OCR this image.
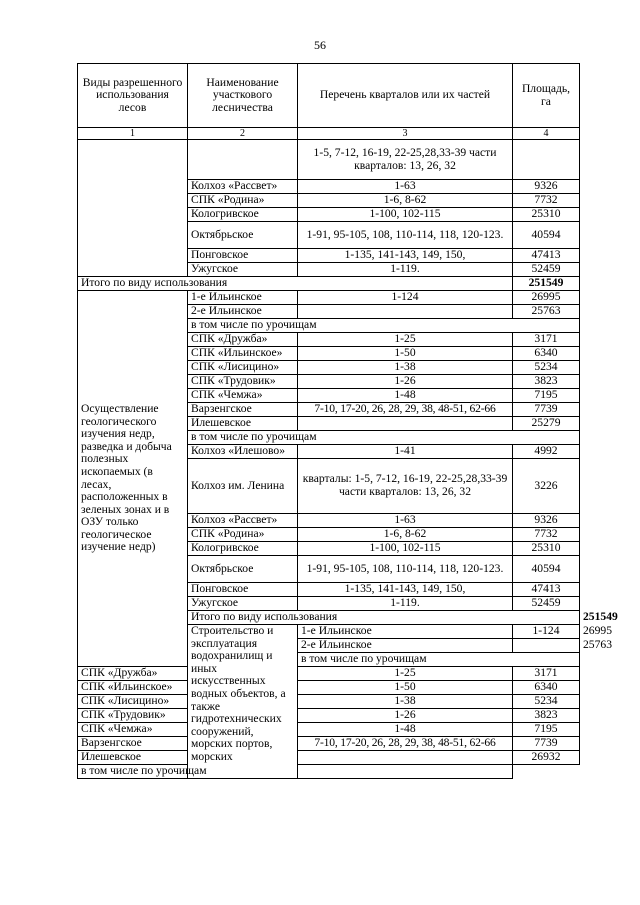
56
Виды разрешенного использования лесов	Наименование участкового лесничества	Перечень кварталов или их частей	Площадь, га	
1	2	3	4	
		1-5, 7-12, 16-19, 22-25,28,33-39 части кварталов: 13, 26, 32		
	Колхоз «Рассвет»	1-63	9326	
	СПК «Родина»	1-6, 8-62	7732	
	Кологривское	1-100, 102-115	25310	
	Октябрьское	1-91, 95-105, 108, 110-114, 118, 120-123.	40594	
	Понговское	1-135, 141-143, 149, 150,	47413	
	Ужугское	1-119.	52459	
Итого по виду использования			251549	
Осуществление геологического изучения недр, разведка и добыча полезных ископаемых (в лесах, расположенных в зеленых зонах и в ОЗУ только геологическое изучение недр)	1-е Ильинское	1-124	26995	
	2-е Ильинское		25763	
	в том числе по урочищам			
	СПК «Дружба»	1-25	3171	
	СПК «Ильинское»	1-50	6340	
	СПК «Лисицино»	1-38	5234	
	СПК «Трудовик»	1-26	3823	
	СПК «Чемжа»	1-48	7195	
	Варзенгское	7-10, 17-20, 26, 28, 29, 38, 48-51, 62-66	7739	
	Илешевское		25279	
	в том числе по урочищам			
	Колхоз «Илешово»	1-41	4992	
	Колхоз им. Ленина	кварталы: 1-5, 7-12, 16-19, 22-25,28,33-39 части кварталов: 13, 26, 32	3226	
	Колхоз «Рассвет»	1-63	9326	
	СПК «Родина»	1-6, 8-62	7732	
	Кологривское	1-100, 102-115	25310	
	Октябрьское	1-91, 95-105, 108, 110-114, 118, 120-123.	40594	
	Понговское	1-135, 141-143, 149, 150,	47413	
	Ужугское	1-119.	52459	
	Итого по виду использования			251549
	Строительство и эксплуатация водохранилищ и иных искусственных водных объектов, а также гидротехнических сооружений, морских портов, морских	1-е Ильинское	1-124	26995
		2-е Ильинское		25763
		в том числе по урочищам		
СПК «Дружба»		1-25	3171	
СПК «Ильинское»		1-50	6340	
СПК «Лисицино»		1-38	5234	
СПК «Трудовик»		1-26	3823	
СПК «Чемжа»		1-48	7195	
Варзенгское		7-10, 17-20, 26, 28, 29, 38, 48-51, 62-66	7739	
Илешевское			26932	
в том числе по урочищам				
